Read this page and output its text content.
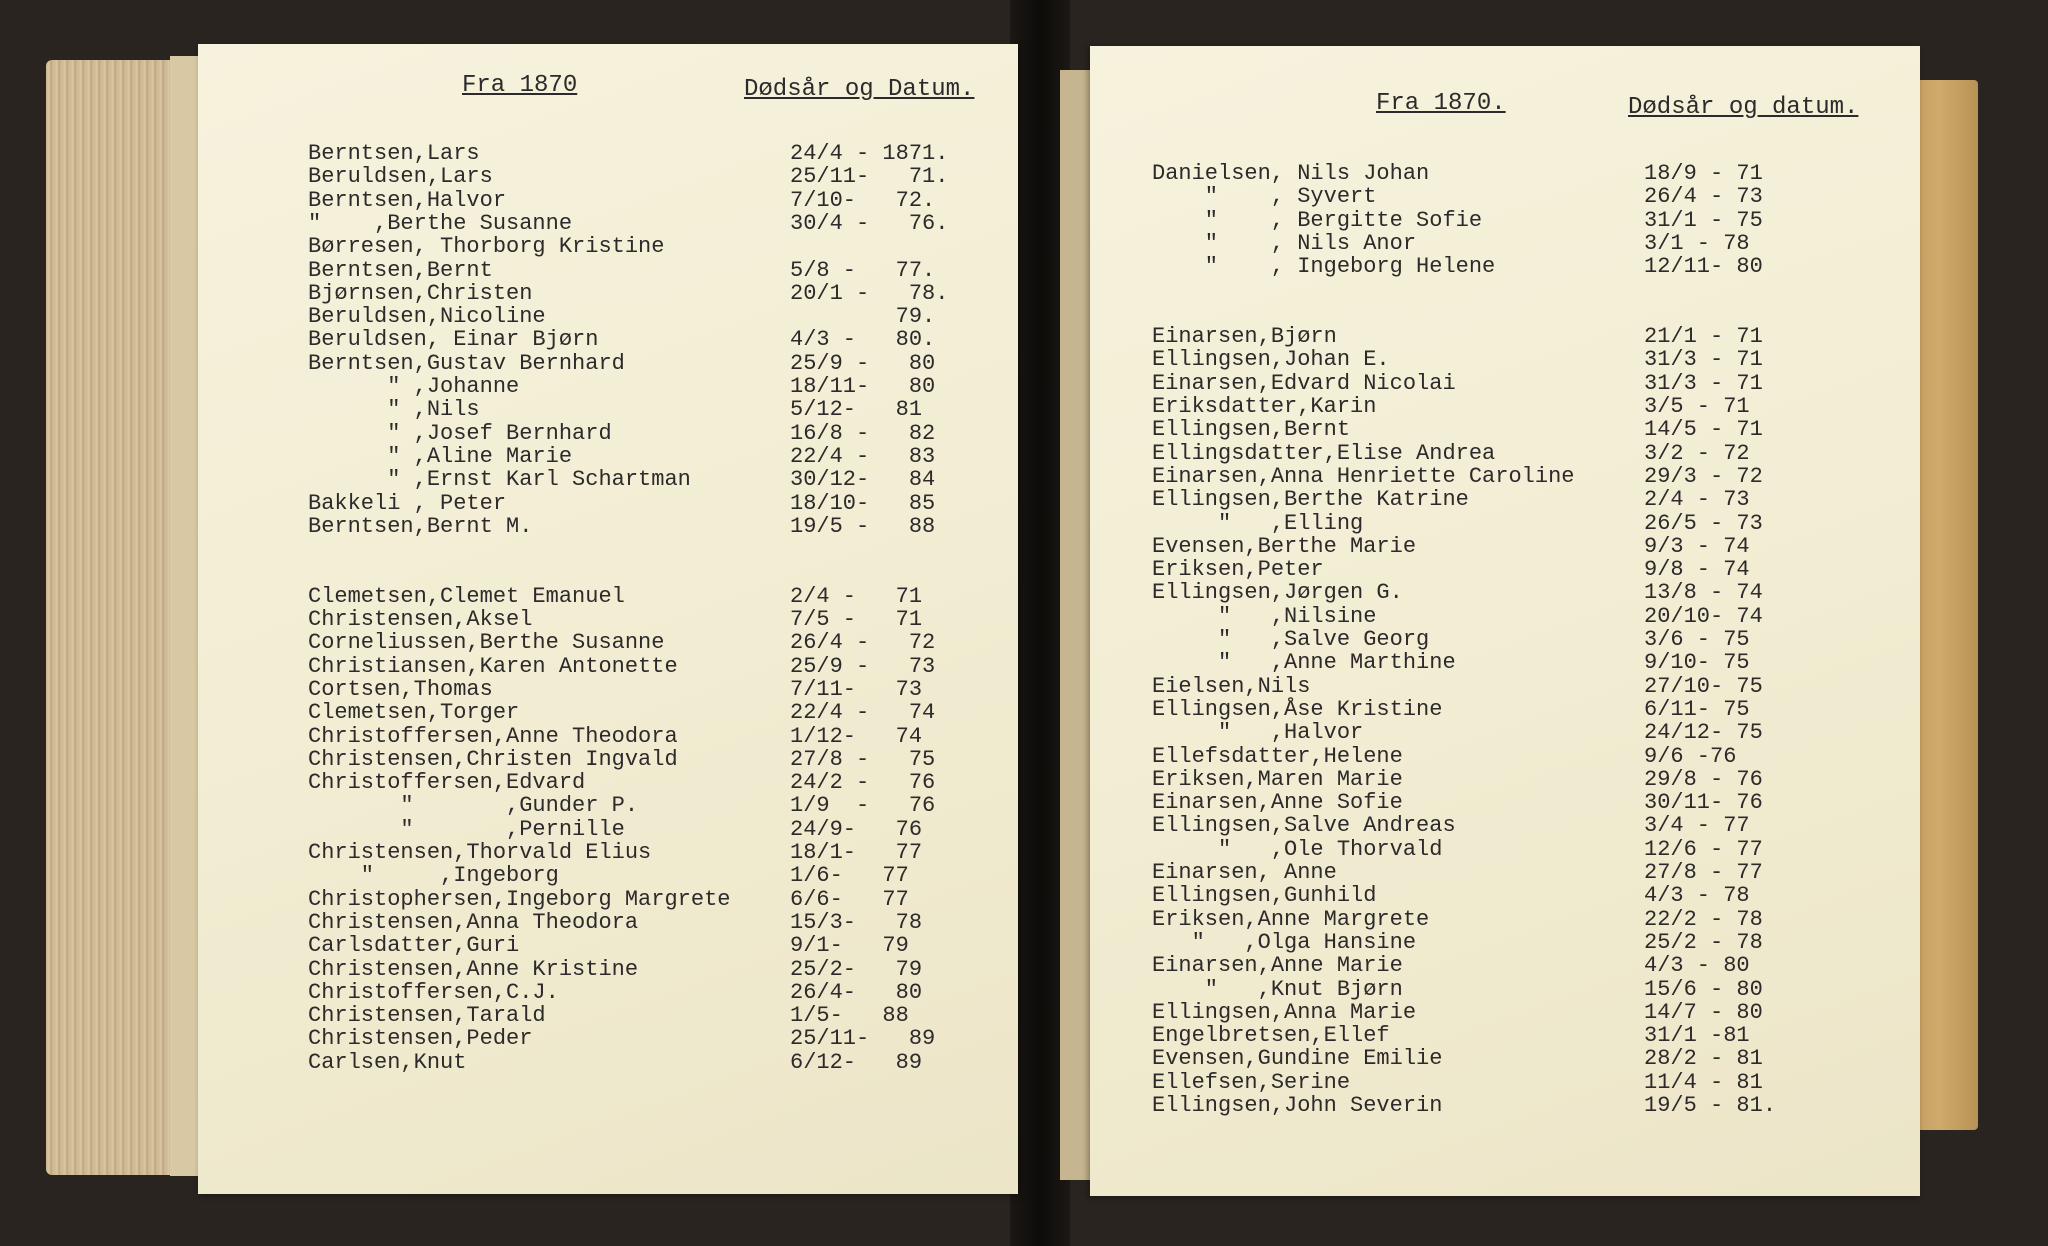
Fra 1870	Dødsår og Datum.
Berntsen,Lars	24/4 - 1871.
Beruldsen,Lars	25/11-   71.
Berntsen,Halvor	7/10-   72.
"    ,Berthe Susanne	30/4 -   76.
Børresen, Thorborg Kristine
Berntsen,Bernt	5/8 -   77.
Bjørnsen,Christen	20/1 -   78.
Beruldsen,Nicoline	79.
Beruldsen, Einar Bjørn	4/3 -   80.
Berntsen,Gustav Bernhard	25/9 -   80
" ,Johanne	18/11-   80
" ,Nils	5/12-   81
" ,Josef Bernhard	16/8 -   82
" ,Aline Marie	22/4 -   83
" ,Ernst Karl Schartman	30/12-   84
Bakkeli , Peter	18/10-   85
Berntsen,Bernt M.	19/5 -   88
Clemetsen,Clemet Emanuel	2/4 -   71
Christensen,Aksel	7/5 -   71
Corneliussen,Berthe Susanne	26/4 -   72
Christiansen,Karen Antonette	25/9 -   73
Cortsen,Thomas	7/11-   73
Clemetsen,Torger	22/4 -   74
Christoffersen,Anne Theodora	1/12-   74
Christensen,Christen Ingvald	27/8 -   75
Christoffersen,Edvard	24/2 -   76
"       ,Gunder P.	1/9  -   76
"       ,Pernille	24/9-   76
Christensen,Thorvald Elius	18/1-   77
"     ,Ingeborg	1/6-   77
Christophersen,Ingeborg Margrete	6/6-   77
Christensen,Anna Theodora	15/3-   78
Carlsdatter,Guri	9/1-   79
Christensen,Anne Kristine	25/2-   79
Christoffersen,C.J.	26/4-   80
Christensen,Tarald	1/5-   88
Christensen,Peder	25/11-   89
Carlsen,Knut	6/12-   89
Fra 1870.	Dødsår og datum.
Danielsen, Nils Johan	18/9 - 71
"    , Syvert	26/4 - 73
"    , Bergitte Sofie	31/1 - 75
"    , Nils Anor	3/1 - 78
"    , Ingeborg Helene	12/11- 80
Einarsen,Bjørn	21/1 - 71
Ellingsen,Johan E.	31/3 - 71
Einarsen,Edvard Nicolai	31/3 - 71
Eriksdatter,Karin	3/5 - 71
Ellingsen,Bernt	14/5 - 71
Ellingsdatter,Elise Andrea	3/2 - 72
Einarsen,Anna Henriette Caroline	29/3 - 72
Ellingsen,Berthe Katrine	2/4 - 73
"   ,Elling	26/5 - 73
Evensen,Berthe Marie	9/3 - 74
Eriksen,Peter	9/8 - 74
Ellingsen,Jørgen G.	13/8 - 74
"   ,Nilsine	20/10- 74
"   ,Salve Georg	3/6 - 75
"   ,Anne Marthine	9/10- 75
Eielsen,Nils	27/10- 75
Ellingsen,Åse Kristine	6/11- 75
"   ,Halvor	24/12- 75
Ellefsdatter,Helene	9/6 -76
Eriksen,Maren Marie	29/8 - 76
Einarsen,Anne Sofie	30/11- 76
Ellingsen,Salve Andreas	3/4 - 77
"   ,Ole Thorvald	12/6 - 77
Einarsen, Anne	27/8 - 77
Ellingsen,Gunhild	4/3 - 78
Eriksen,Anne Margrete	22/2 - 78
"   ,Olga Hansine	25/2 - 78
Einarsen,Anne Marie	4/3 - 80
"   ,Knut Bjørn	15/6 - 80
Ellingsen,Anna Marie	14/7 - 80
Engelbretsen,Ellef	31/1 -81
Evensen,Gundine Emilie	28/2 - 81
Ellefsen,Serine	11/4 - 81
Ellingsen,John Severin	19/5 - 81.
